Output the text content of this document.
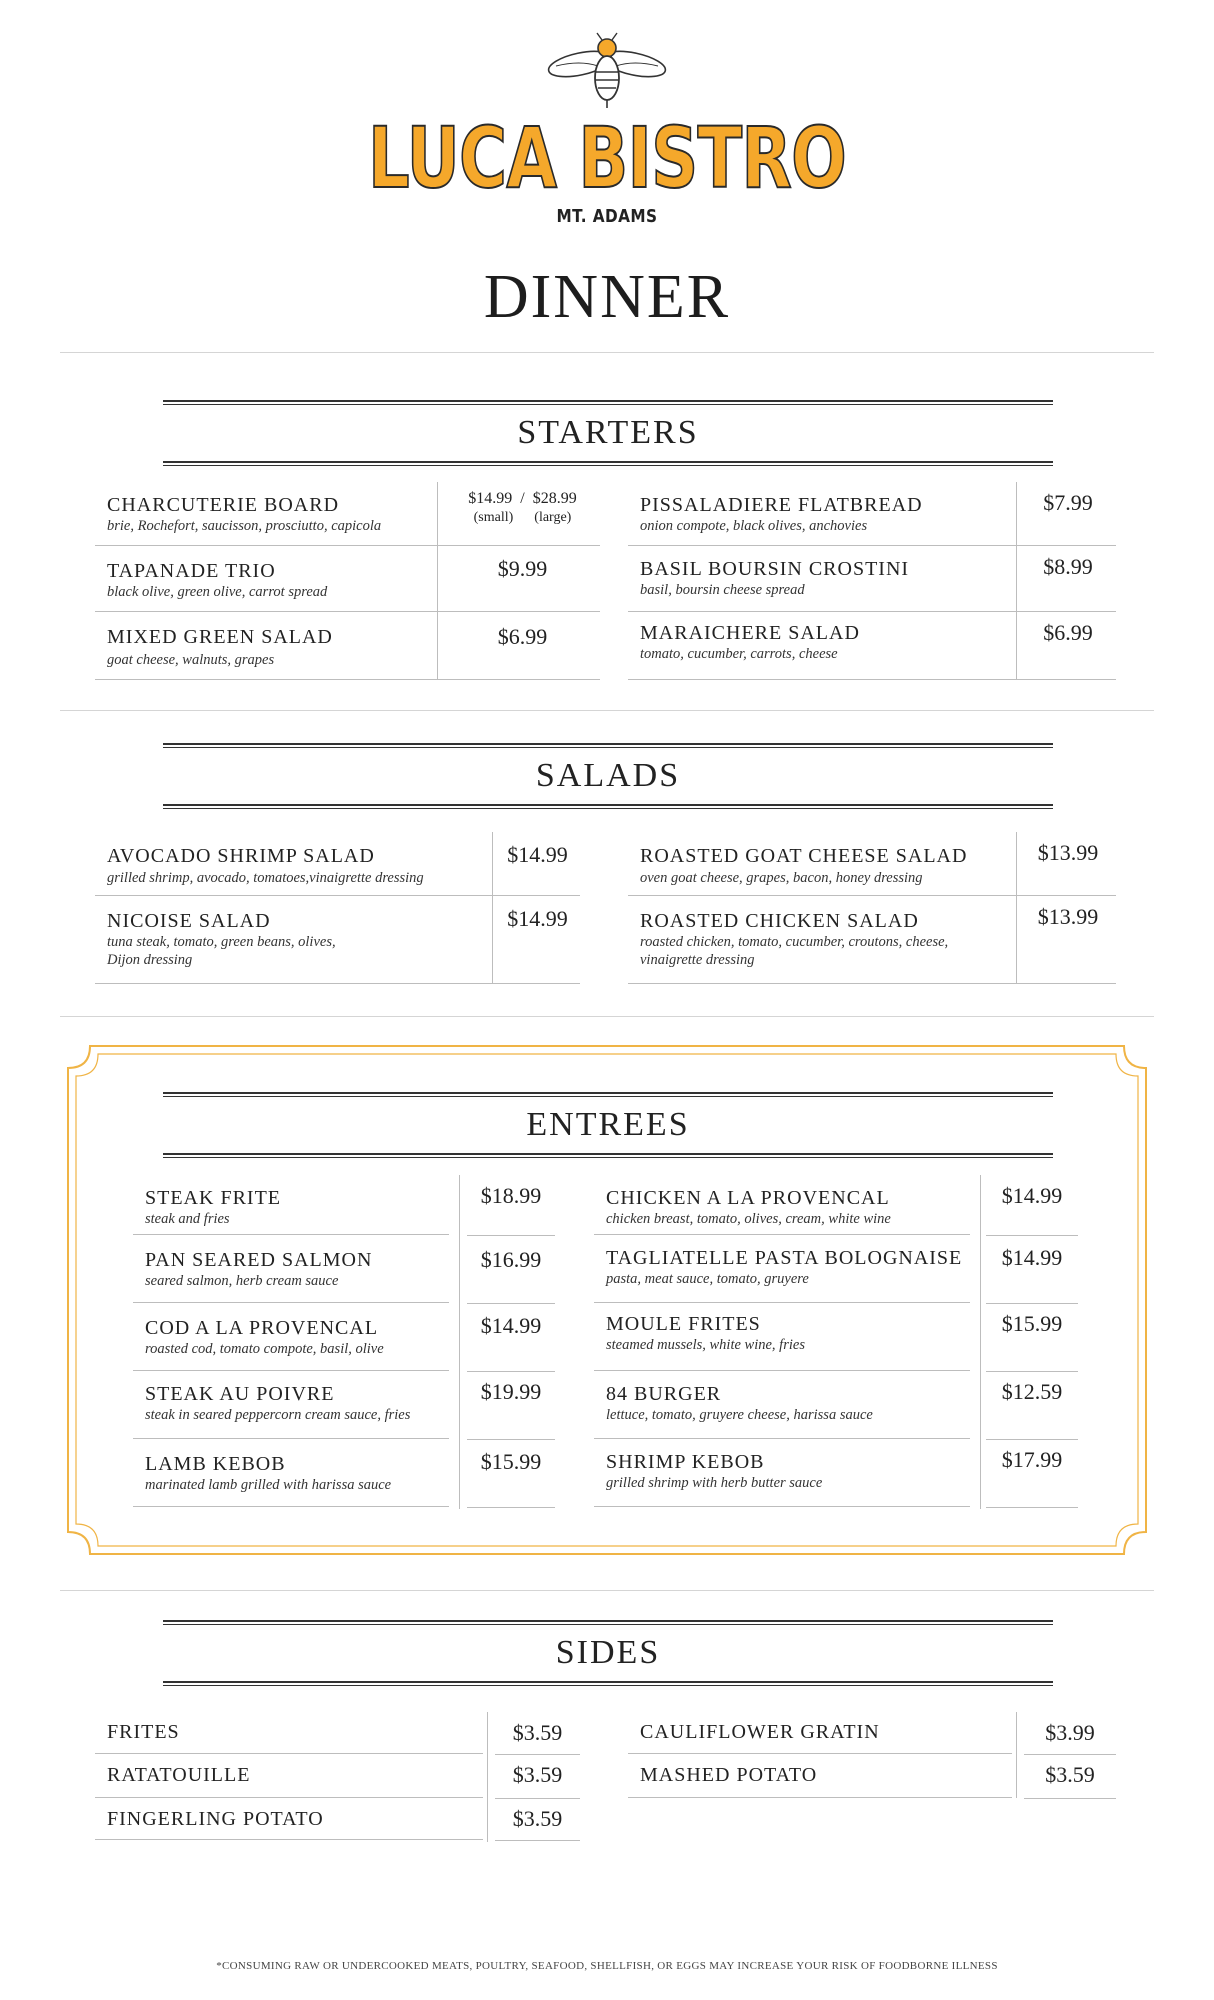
LUCA BISTRO
MT. ADAMS
DINNER
STARTERS
CHARCUTERIE BOARD
brie, Rochefort, saucisson, prosciutto, capicola
$14.99  /  $28.99
(small)      (large)
TAPANADE TRIO
black olive, green olive, carrot spread
$9.99
MIXED GREEN SALAD
goat cheese, walnuts, grapes
$6.99
PISSALADIERE FLATBREAD
onion compote, black olives, anchovies
$7.99
BASIL BOURSIN CROSTINI
basil, boursin cheese spread
$8.99
MARAICHERE SALAD
tomato, cucumber, carrots, cheese
$6.99
SALADS
AVOCADO SHRIMP SALAD
grilled shrimp, avocado, tomatoes,vinaigrette dressing
$14.99
NICOISE SALAD
tuna steak, tomato, green beans, olives,
Dijon dressing
$14.99
ROASTED GOAT CHEESE SALAD
oven goat cheese, grapes, bacon, honey dressing
$13.99
ROASTED CHICKEN SALAD
roasted chicken, tomato, cucumber, croutons, cheese,
vinaigrette dressing
$13.99
ENTREES
STEAK FRITE
steak and fries
$18.99
PAN SEARED SALMON
seared salmon, herb cream sauce
$16.99
COD A LA PROVENCAL
roasted cod, tomato compote, basil, olive
$14.99
STEAK AU POIVRE
steak in seared peppercorn cream sauce, fries
$19.99
LAMB KEBOB
marinated lamb grilled with harissa sauce
$15.99
CHICKEN A LA PROVENCAL
chicken breast, tomato, olives, cream, white wine
$14.99
TAGLIATELLE PASTA BOLOGNAISE
pasta, meat sauce, tomato, gruyere
$14.99
MOULE FRITES
steamed mussels, white wine, fries
$15.99
84 BURGER
lettuce, tomato, gruyere cheese, harissa sauce
$12.59
SHRIMP KEBOB
grilled shrimp with herb butter sauce
$17.99
SIDES
FRITES	$3.59
RATATOUILLE	$3.59
FINGERLING POTATO	$3.59
CAULIFLOWER GRATIN	$3.99
MASHED POTATO	$3.59
*CONSUMING RAW OR UNDERCOOKED MEATS, POULTRY, SEAFOOD, SHELLFISH, OR EGGS MAY INCREASE YOUR RISK OF FOODBORNE ILLNESS
